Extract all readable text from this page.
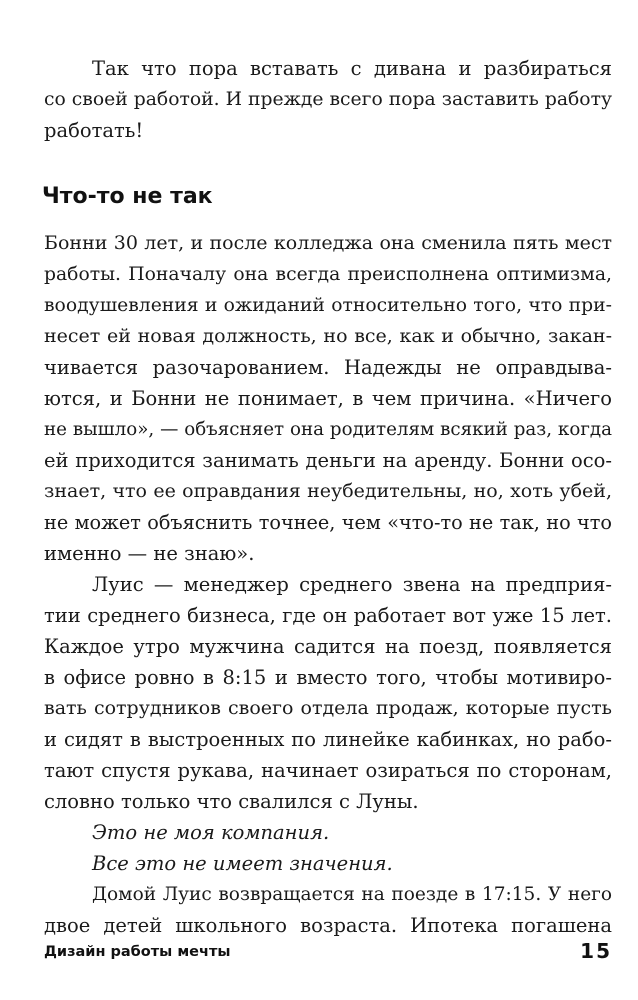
Так что пора вставать с дивана и разбираться
со своей работой. И прежде всего пора заставить работу
работать!
Что-то не так
Бонни 30 лет, и после колледжа она сменила пять мест
работы. Поначалу она всегда преисполнена оптимизма,
воодушевления и ожиданий относительно того, что при-
несет ей новая должность, но все, как и обычно, закан-
чивается разочарованием. Надежды не оправдыва-
ются, и Бонни не понимает, в чем причина. «Ничего
не вышло», — объясняет она родителям всякий раз, когда
ей приходится занимать деньги на аренду. Бонни осо-
знает, что ее оправдания неубедительны, но, хоть убей,
не может объяснить точнее, чем «что-то не так, но что
именно — не знаю».
Луис — менеджер среднего звена на предприя-
тии среднего бизнеса, где он работает вот уже 15 лет.
Каждое утро мужчина садится на поезд, появляется
в офисе ровно в 8:15 и вместо того, чтобы мотивиро-
вать сотрудников своего отдела продаж, которые пусть
и сидят в выстроенных по линейке кабинках, но рабо-
тают спустя рукава, начинает озираться по сторонам,
словно только что свалился с Луны.
Это не моя компания.
Все это не имеет значения.
Домой Луис возвращается на поезде в 17:15. У него
двое детей школьного возраста. Ипотека погашена
Дизайн работы мечты	15
